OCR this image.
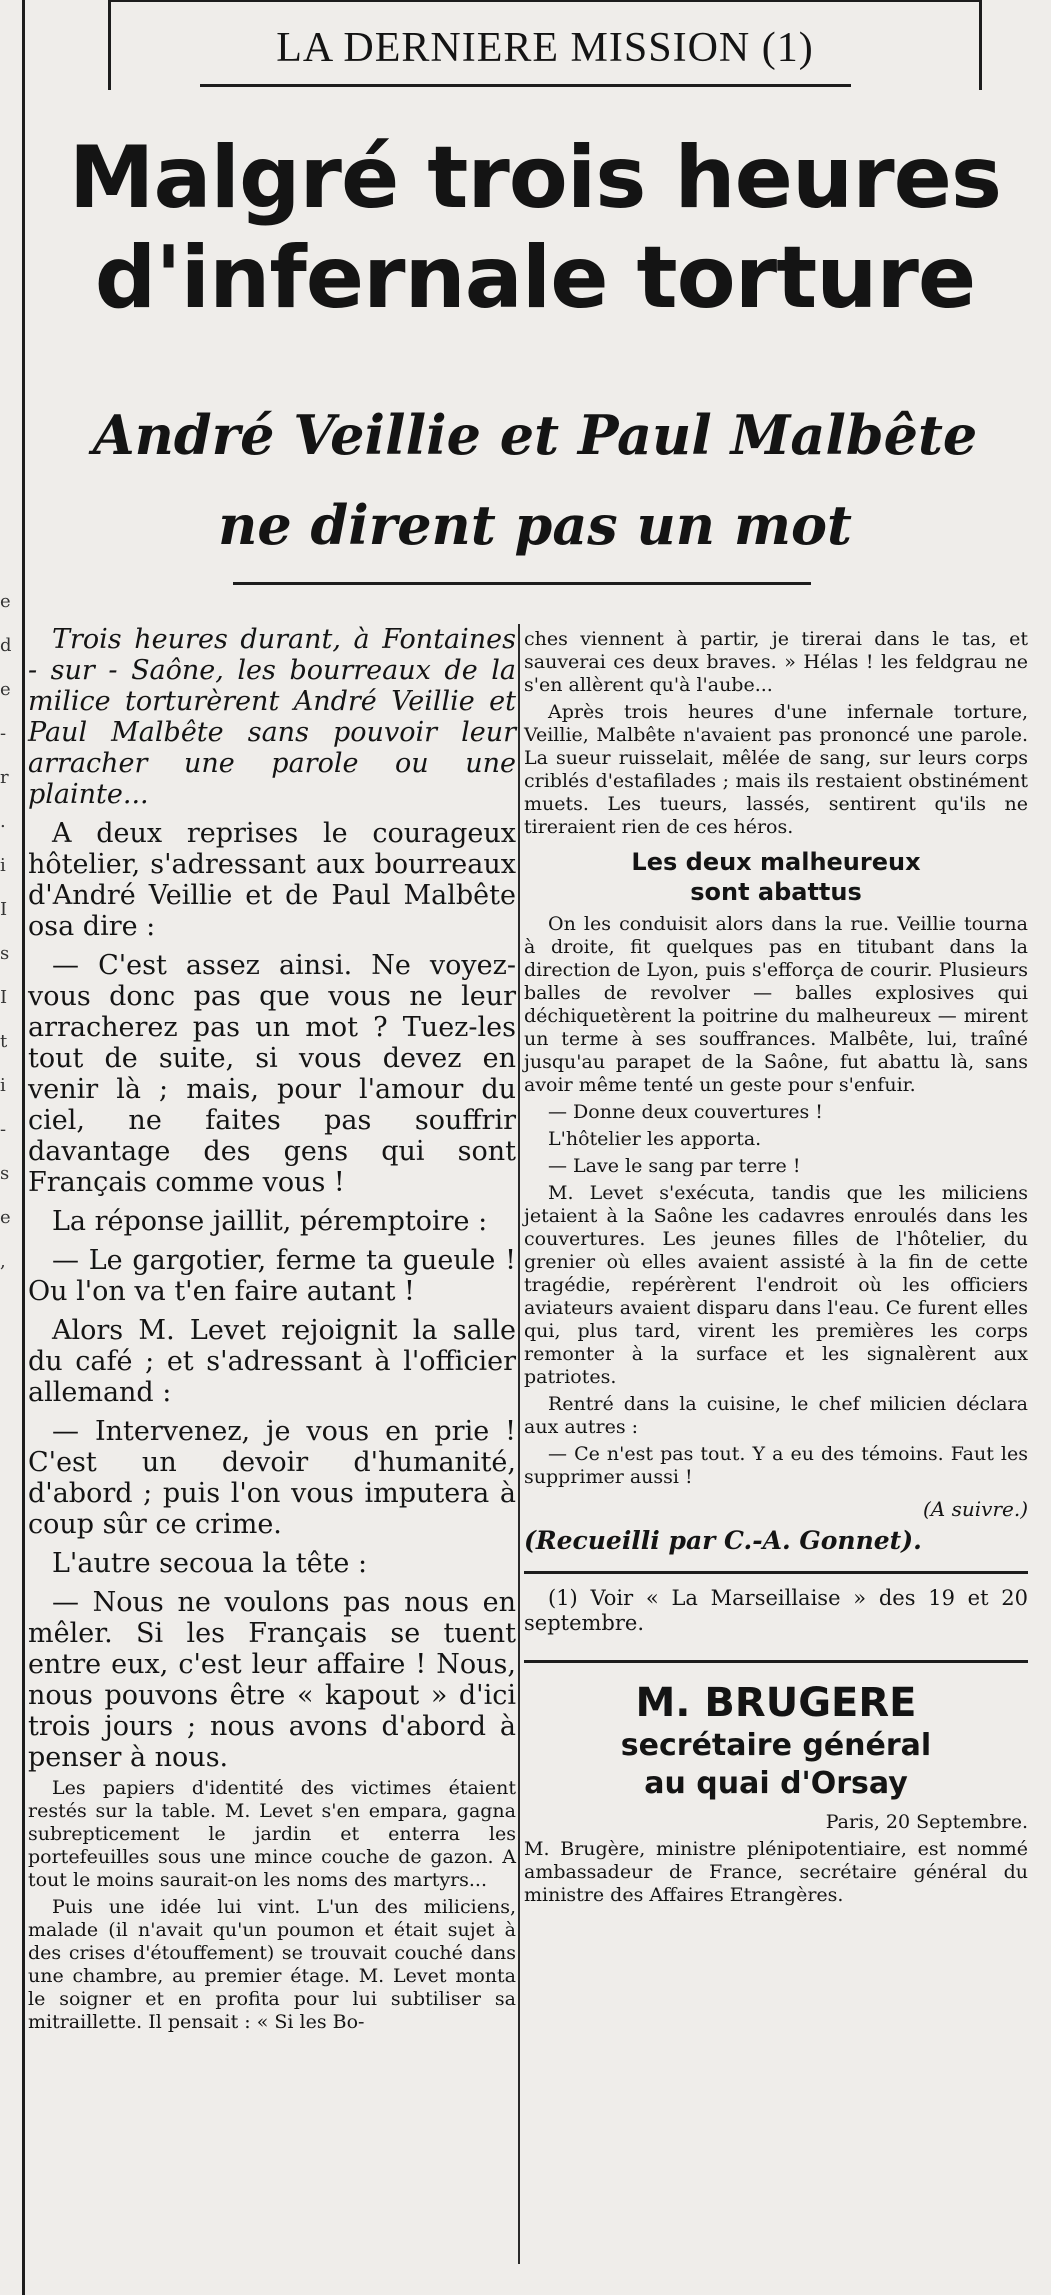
e
d
e
-
r
.
i
I
s
I
t
i
-
s
e
,
LA DERNIERE MISSION (1)
Malgré trois heures
d'infernale torture
André Veillie et Paul Malbête
ne dirent pas un mot

Trois heures durant, à Fontaines - sur - Saône, les bourreaux de la milice torturèrent André Veillie et Paul Malbête sans pouvoir leur arracher une parole ou une plainte...

A deux reprises le courageux hôtelier, s'adressant aux bourreaux d'André Veillie et de Paul Malbête osa dire :

— C'est assez ainsi. Ne voyez-vous donc pas que vous ne leur arracherez pas un mot ? Tuez-les tout de suite, si vous devez en venir là ; mais, pour l'amour du ciel, ne faites pas souffrir davantage des gens qui sont Français comme vous !

La réponse jaillit, péremptoire :

— Le gargotier, ferme ta gueule ! Ou l'on va t'en faire autant !

Alors M. Levet rejoignit la salle du café ; et s'adressant à l'officier allemand :

— Intervenez, je vous en prie ! C'est un devoir d'humanité, d'abord ; puis l'on vous imputera à coup sûr ce crime.

L'autre secoua la tête :

— Nous ne voulons pas nous en mêler. Si les Français se tuent entre eux, c'est leur affaire ! Nous, nous pouvons être « kapout » d'ici trois jours ; nous avons d'abord à penser à nous.

Les papiers d'identité des victimes étaient restés sur la table. M. Levet s'en empara, gagna subrepticement le jardin et enterra les portefeuilles sous une mince couche de gazon. A tout le moins saurait-on les noms des martyrs...

Puis une idée lui vint. L'un des miliciens, malade (il n'avait qu'un poumon et était sujet à des crises d'étouffement) se trouvait couché dans une chambre, au premier étage. M. Levet monta le soigner et en profita pour lui subtiliser sa mitraillette. Il pensait : « Si les Bo-

ches viennent à partir, je tirerai dans le tas, et sauverai ces deux braves. » Hélas ! les feldgrau ne s'en allèrent qu'à l'aube...

Après trois heures d'une infernale torture, Veillie, Malbête n'avaient pas prononcé une parole. La sueur ruisselait, mêlée de sang, sur leurs corps criblés d'estafilades ; mais ils restaient obstinément muets. Les tueurs, lassés, sentirent qu'ils ne tireraient rien de ces héros.

Les deux malheureux
sont abattus

On les conduisit alors dans la rue. Veillie tourna à droite, fit quelques pas en titubant dans la direction de Lyon, puis s'efforça de courir. Plusieurs balles de revolver — balles explosives qui déchiquetèrent la poitrine du malheureux — mirent un terme à ses souffrances. Malbête, lui, traîné jusqu'au parapet de la Saône, fut abattu là, sans avoir même tenté un geste pour s'enfuir.

— Donne deux couvertures !

L'hôtelier les apporta.

— Lave le sang par terre !

M. Levet s'exécuta, tandis que les miliciens jetaient à la Saône les cadavres enroulés dans les couvertures. Les jeunes filles de l'hôtelier, du grenier où elles avaient assisté à la fin de cette tragédie, repérèrent l'endroit où les officiers aviateurs avaient disparu dans l'eau. Ce furent elles qui, plus tard, virent les premières les corps remonter à la surface et les signalèrent aux patriotes.

Rentré dans la cuisine, le chef milicien déclara aux autres :

— Ce n'est pas tout. Y a eu des témoins. Faut les supprimer aussi !

(A suivre.)
(Recueilli par C.-A. Gonnet).

(1) Voir « La Marseillaise » des 19 et 20 septembre.

M. BRUGERE
secrétaire général
au quai d'Orsay
Paris, 20 Septembre.

M. Brugère, ministre plénipotentiaire, est nommé ambassadeur de France, secrétaire général du ministre des Affaires Etrangères.
